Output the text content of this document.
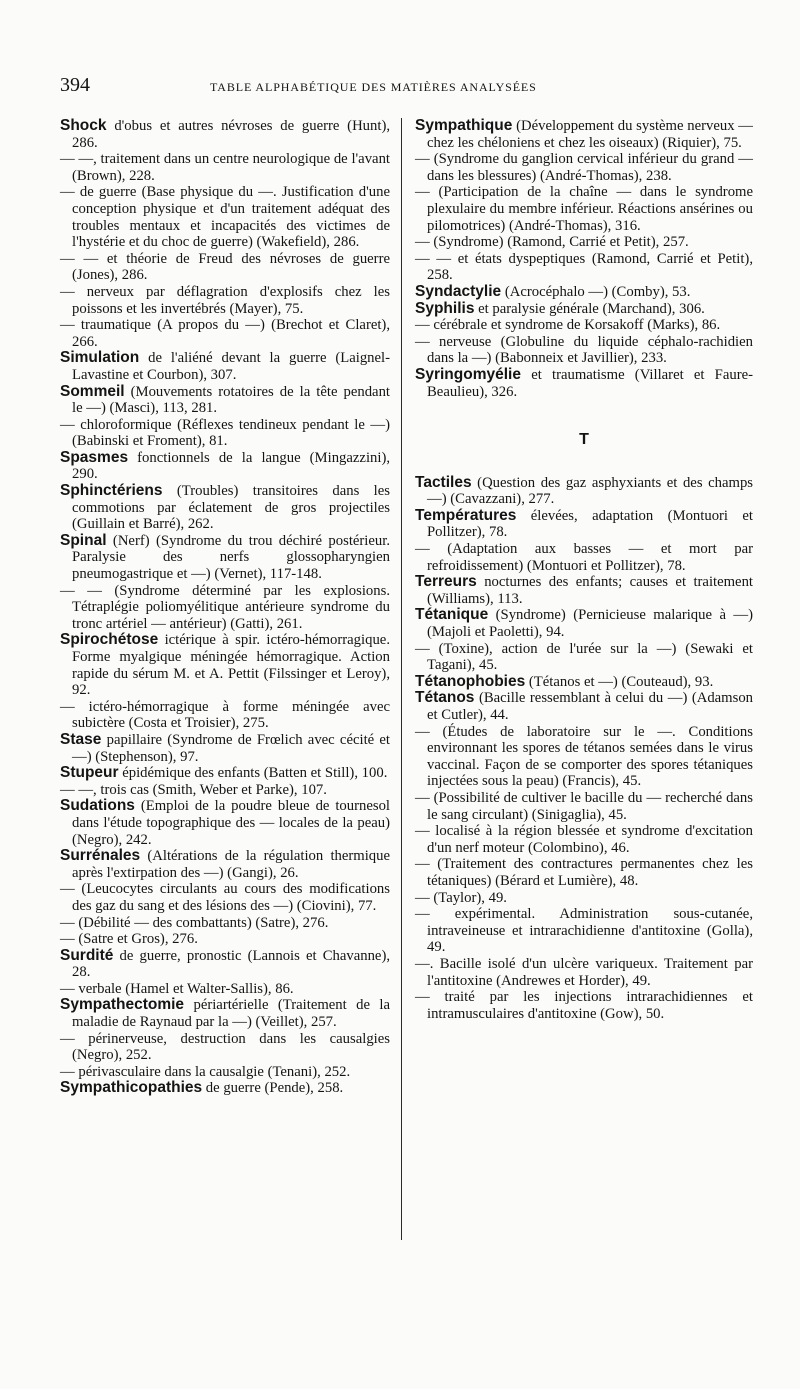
394	TABLE ALPHABÉTIQUE DES MATIÈRES ANALYSÉES

Shock d'obus et autres névroses de guerre (Hunt), 286.

— —, traitement dans un centre neurologique de l'avant (Brown), 228.

— de guerre (Base physique du —. Justification d'une conception physique et d'un traitement adéquat des troubles mentaux et incapacités des victimes de l'hystérie et du choc de guerre) (Wakefield), 286.

— — et théorie de Freud des névroses de guerre (Jones), 286.

— nerveux par déflagration d'explosifs chez les poissons et les invertébrés (Mayer), 75.

— traumatique (A propos du —) (Brechot et Claret), 266.

Simulation de l'aliéné devant la guerre (Laignel-Lavastine et Courbon), 307.

Sommeil (Mouvements rotatoires de la tête pendant le —) (Masci), 113, 281.

— chloroformique (Réflexes tendineux pendant le —) (Babinski et Froment), 81.

Spasmes fonctionnels de la langue (Mingazzini), 290.

Sphinctériens (Troubles) transitoires dans les commotions par éclatement de gros projectiles (Guillain et Barré), 262.

Spinal (Nerf) (Syndrome du trou déchiré postérieur. Paralysie des nerfs glossopharyngien pneumogastrique et —) (Vernet), 117-148.

— — (Syndrome déterminé par les explosions. Tétraplégie poliomyélitique antérieure syndrome du tronc artériel — antérieur) (Gatti), 261.

Spirochétose ictérique à spir. ictéro-hémorragique. Forme myalgique méningée hémorragique. Action rapide du sérum M. et A. Pettit (Filssinger et Leroy), 92.

— ictéro-hémorragique à forme méningée avec subictère (Costa et Troisier), 275.

Stase papillaire (Syndrome de Frœlich avec cécité et —) (Stephenson), 97.

Stupeur épidémique des enfants (Batten et Still), 100.

— —, trois cas (Smith, Weber et Parke), 107.

Sudations (Emploi de la poudre bleue de tournesol dans l'étude topographique des — locales de la peau) (Negro), 242.

Surrénales (Altérations de la régulation thermique après l'extirpation des —) (Gangi), 26.

— (Leucocytes circulants au cours des modifications des gaz du sang et des lésions des —) (Ciovini), 77.

— (Débilité — des combattants) (Satre), 276.

— (Satre et Gros), 276.

Surdité de guerre, pronostic (Lannois et Chavanne), 28.

— verbale (Hamel et Walter-Sallis), 86.

Sympathectomie périartérielle (Traitement de la maladie de Raynaud par la —) (Veillet), 257.

— périnerveuse, destruction dans les causalgies (Negro), 252.

— périvasculaire dans la causalgie (Tenani), 252.

Sympathicopathies de guerre (Pende), 258.

Sympathique (Développement du système nerveux — chez les chéloniens et chez les oiseaux) (Riquier), 75.

— (Syndrome du ganglion cervical inférieur du grand — dans les blessures) (André-Thomas), 238.

— (Participation de la chaîne — dans le syndrome plexulaire du membre inférieur. Réactions ansérines ou pilomotrices) (André-Thomas), 316.

— (Syndrome) (Ramond, Carrié et Petit), 257.

— — et états dyspeptiques (Ramond, Carrié et Petit), 258.

Syndactylie (Acrocéphalo —) (Comby), 53.

Syphilis et paralysie générale (Marchand), 306.

— cérébrale et syndrome de Korsakoff (Marks), 86.

— nerveuse (Globuline du liquide céphalo-rachidien dans la —) (Babonneix et Javillier), 233.

Syringomyélie et traumatisme (Villaret et Faure-Beaulieu), 326.

T

Tactiles (Question des gaz asphyxiants et des champs —) (Cavazzani), 277.

Températures élevées, adaptation (Montuori et Pollitzer), 78.

— (Adaptation aux basses — et mort par refroidissement) (Montuori et Pollitzer), 78.

Terreurs nocturnes des enfants; causes et traitement (Williams), 113.

Tétanique (Syndrome) (Pernicieuse malarique à —) (Majoli et Paoletti), 94.

— (Toxine), action de l'urée sur la —) (Sewaki et Tagani), 45.

Tétanophobies (Tétanos et —) (Couteaud), 93.

Tétanos (Bacille ressemblant à celui du —) (Adamson et Cutler), 44.

— (Études de laboratoire sur le —. Conditions environnant les spores de tétanos semées dans le virus vaccinal. Façon de se comporter des spores tétaniques injectées sous la peau) (Francis), 45.

— (Possibilité de cultiver le bacille du — recherché dans le sang circulant) (Sinigaglia), 45.

— localisé à la région blessée et syndrome d'excitation d'un nerf moteur (Colombino), 46.

— (Traitement des contractures permanentes chez les tétaniques) (Bérard et Lumière), 48.

— (Taylor), 49.

— expérimental. Administration sous-cutanée, intraveineuse et intrarachidienne d'antitoxine (Golla), 49.

—. Bacille isolé d'un ulcère variqueux. Traitement par l'antitoxine (Andrewes et Horder), 49.

— traité par les injections intrarachidiennes et intramusculaires d'antitoxine (Gow), 50.
